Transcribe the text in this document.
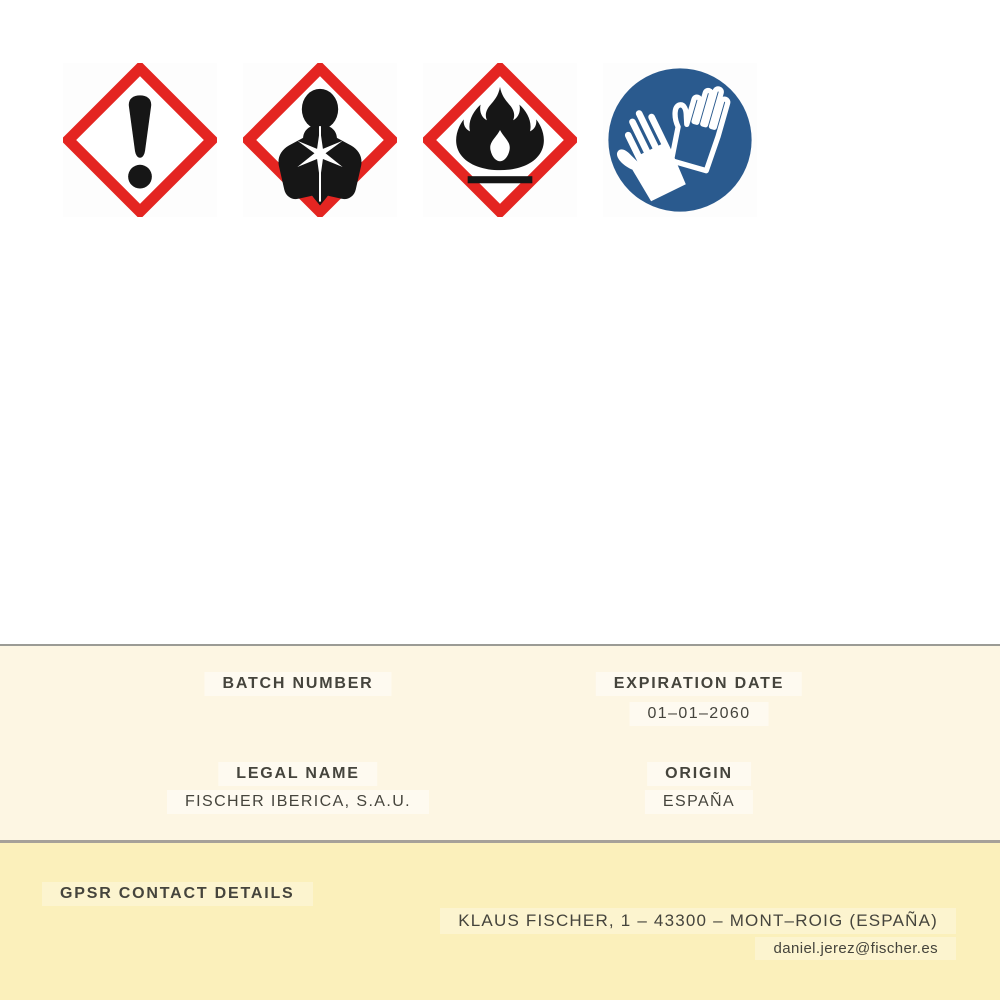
BATCH NUMBER	EXPIRATION DATE
01–01–2060
LEGAL NAME
FISCHER IBERICA, S.A.U.
ORIGIN
ESPAÑA
GPSR CONTACT DETAILS
KLAUS FISCHER, 1 – 43300 – MONT–ROIG (ESPAÑA)
daniel.jerez@fischer.es
